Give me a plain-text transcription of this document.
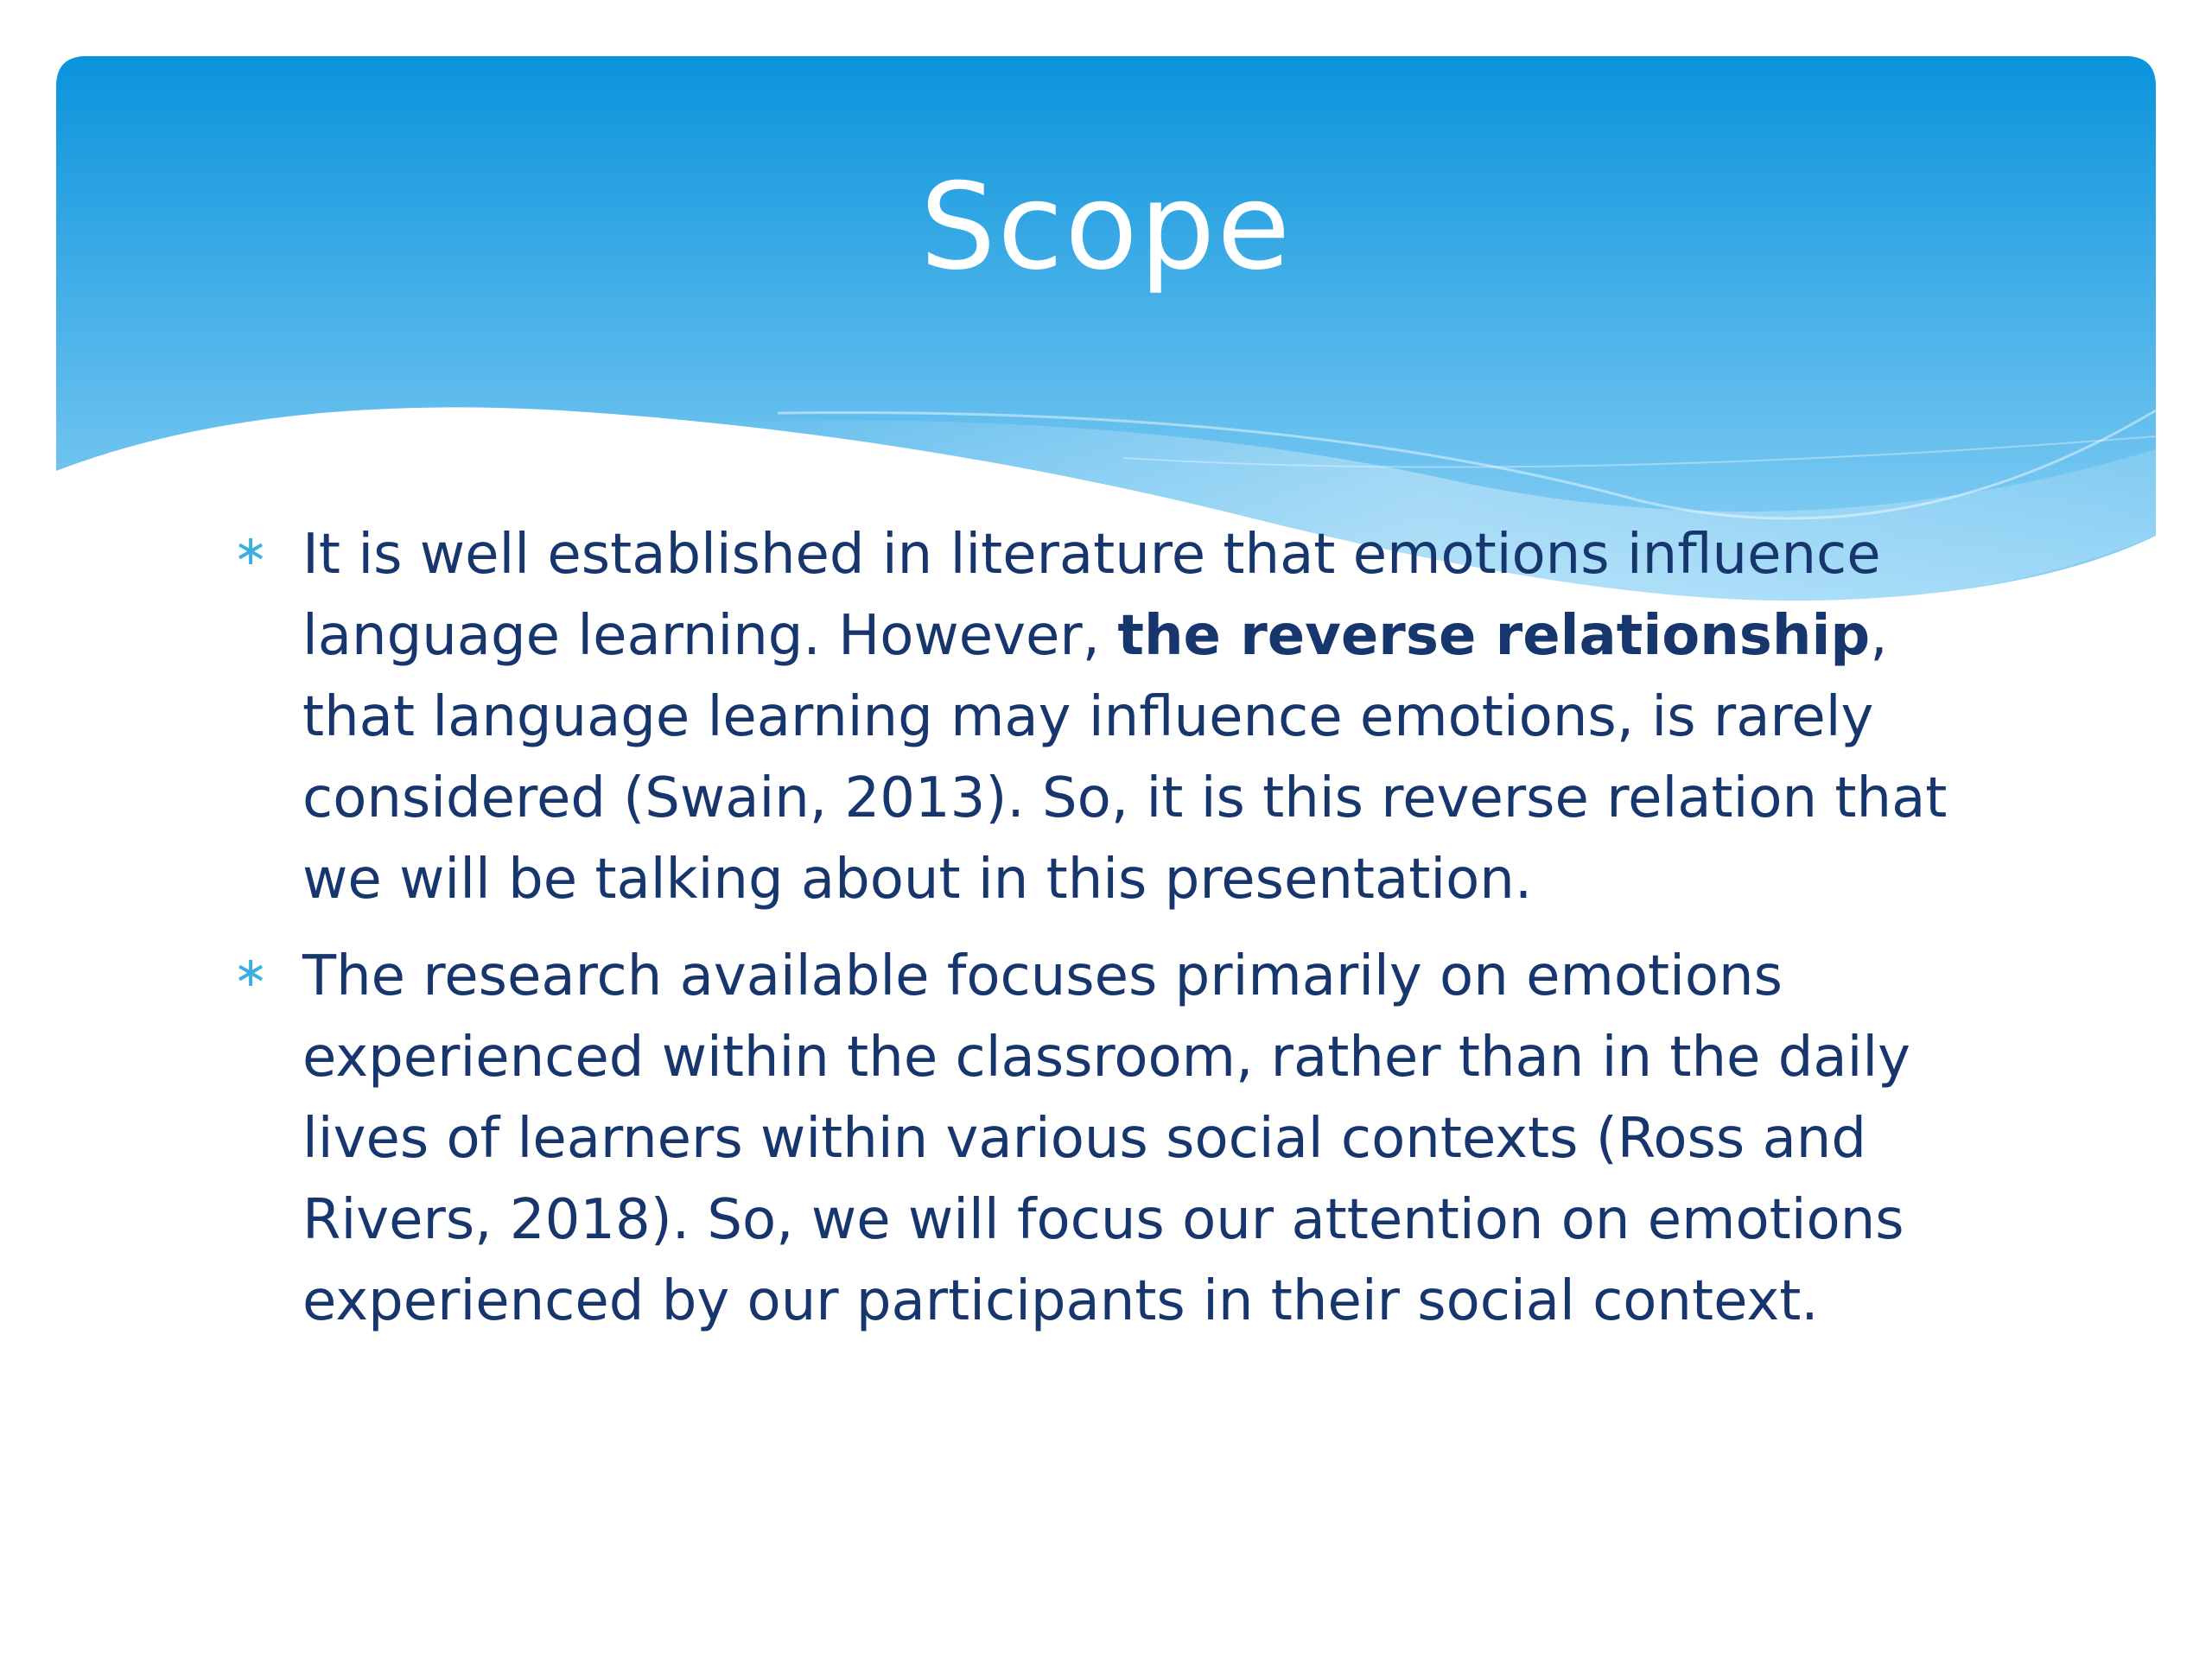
Scope
∗ It is well established in literature that emotions influence language learning. However, the reverse relationship, that language learning may influence emotions, is rarely considered (Swain, 2013). So, it is this reverse relation that we will be talking about in this presentation.
∗ The research available focuses primarily on emotions experienced within the classroom, rather than in the daily lives of learners within various social contexts (Ross and Rivers, 2018). So, we will focus our attention on emotions experienced by our participants in their social context.
